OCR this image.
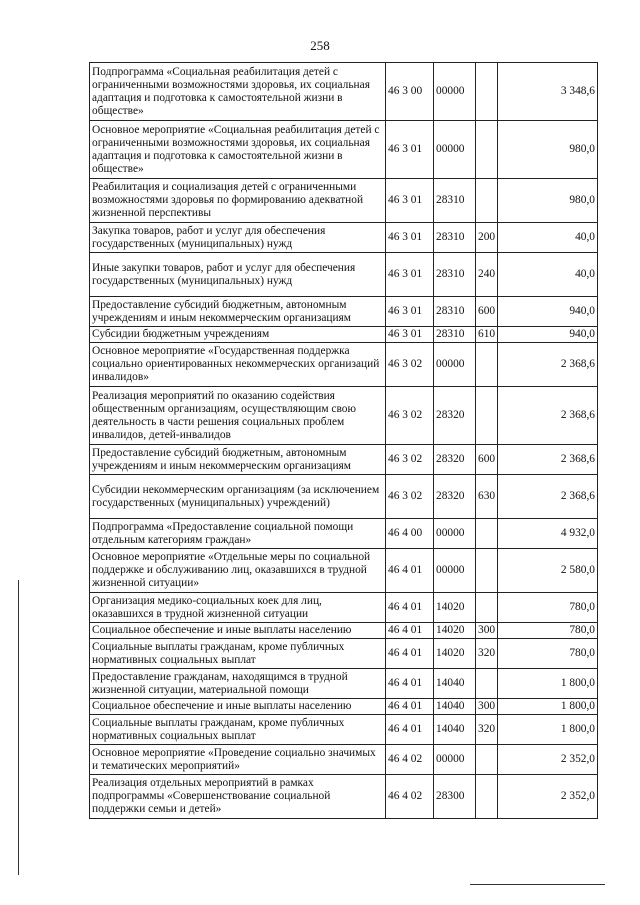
258
Подпрограмма «Социальная реабилитация детей с ограниченными возможностями здоровья, их социальная адаптация и подготовка к самостоятельной жизни в обществе»	46 3 00	00000		3 348,6
Основное мероприятие «Социальная реабилитация детей с ограниченными возможностями здоровья, их социальная адаптация и подготовка к самостоятельной жизни в обществе»	46 3 01	00000		980,0
Реабилитация и социализация детей с ограниченными возможностями здоровья по формированию адекватной жизненной перспективы	46 3 01	28310		980,0
Закупка товаров, работ и услуг для обеспечения государственных (муниципальных) нужд	46 3 01	28310	200	40,0
Иные закупки товаров, работ и услуг для обеспечения государственных (муниципальных) нужд	46 3 01	28310	240	40,0
Предоставление субсидий бюджетным, автономным учреждениям и иным некоммерческим организациям	46 3 01	28310	600	940,0
Субсидии бюджетным учреждениям	46 3 01	28310	610	940,0
Основное мероприятие «Государственная поддержка социально ориентированных некоммерческих организаций инвалидов»	46 3 02	00000		2 368,6
Реализация мероприятий по оказанию содействия общественным организациям, осуществляющим свою деятельность в части решения социальных проблем инвалидов, детей-инвалидов	46 3 02	28320		2 368,6
Предоставление субсидий бюджетным, автономным учреждениям и иным некоммерческим организациям	46 3 02	28320	600	2 368,6
Субсидии некоммерческим организациям (за исключением государственных (муниципальных) учреждений)	46 3 02	28320	630	2 368,6
Подпрограмма «Предоставление социальной помощи отдельным категориям граждан»	46 4 00	00000		4 932,0
Основное мероприятие «Отдельные меры по социальной поддержке и обслуживанию лиц, оказавшихся в трудной жизненной ситуации»	46 4 01	00000		2 580,0
Организация медико-социальных коек для лиц, оказавшихся в трудной жизненной ситуации	46 4 01	14020		780,0
Социальное обеспечение и иные выплаты населению	46 4 01	14020	300	780,0
Социальные выплаты гражданам, кроме публичных нормативных социальных выплат	46 4 01	14020	320	780,0
Предоставление гражданам, находящимся в трудной жизненной ситуации, материальной помощи	46 4 01	14040		1 800,0
Социальное обеспечение и иные выплаты населению	46 4 01	14040	300	1 800,0
Социальные выплаты гражданам, кроме публичных нормативных социальных выплат	46 4 01	14040	320	1 800,0
Основное мероприятие «Проведение социально значимых и тематических мероприятий»	46 4 02	00000		2 352,0
Реализация отдельных мероприятий в рамках подпрограммы «Совершенствование социальной поддержки семьи и детей»	46 4 02	28300		2 352,0
